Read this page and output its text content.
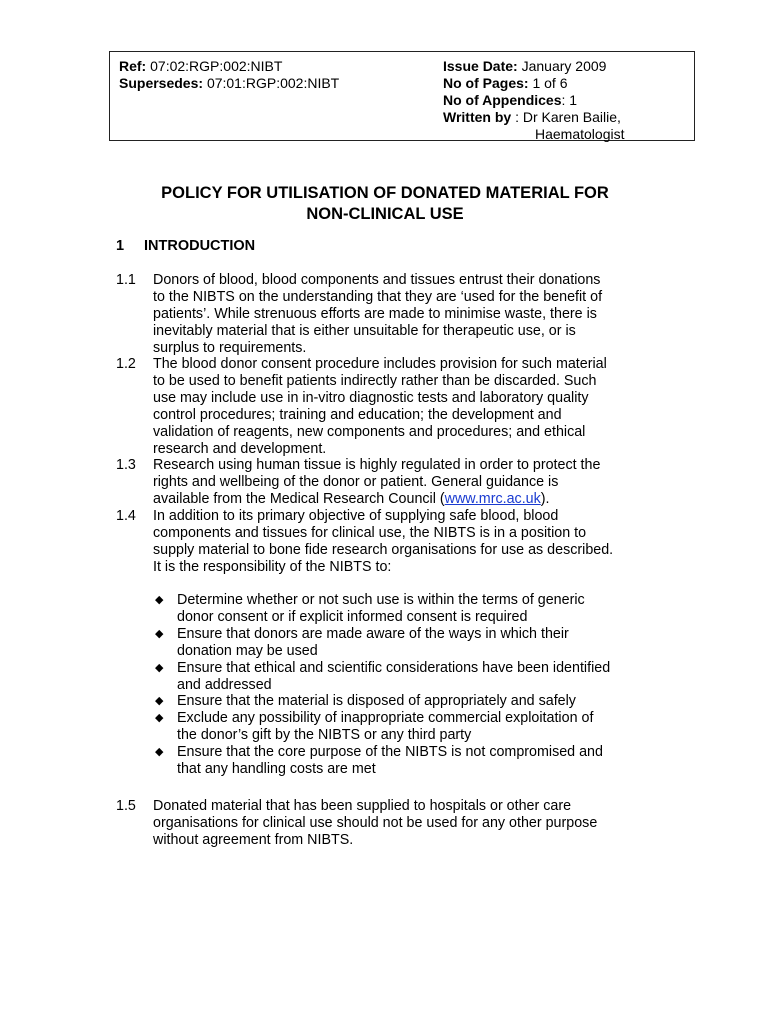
Ref: 07:02:RGP:002:NIBT
Supersedes: 07:01:RGP:002:NIBT
Issue Date: January 2009
No of Pages: 1 of 6
No of Appendices: 1
Written by : Dr Karen Bailie,
Haematologist
POLICY FOR UTILISATION OF DONATED MATERIAL FOR
NON-CLINICAL USE
1 INTRODUCTION
1.1 Donors of blood, blood components and tissues entrust their donations
to the NIBTS on the understanding that they are ‘used for the benefit of
patients’. While strenuous efforts are made to minimise waste, there is
inevitably material that is either unsuitable for therapeutic use, or is
surplus to requirements.
1.2 The blood donor consent procedure includes provision for such material
to be used to benefit patients indirectly rather than be discarded. Such
use may include use in in-vitro diagnostic tests and laboratory quality
control procedures; training and education; the development and
validation of reagents, new components and procedures; and ethical
research and development.
1.3 Research using human tissue is highly regulated in order to protect the
rights and wellbeing of the donor or patient. General guidance is
available from the Medical Research Council (www.mrc.ac.uk).
1.4 In addition to its primary objective of supplying safe blood, blood
components and tissues for clinical use, the NIBTS is in a position to
supply material to bone fide research organisations for use as described.
It is the responsibility of the NIBTS to:
◆ Determine whether or not such use is within the terms of generic
donor consent or if explicit informed consent is required
◆ Ensure that donors are made aware of the ways in which their
donation may be used
◆ Ensure that ethical and scientific considerations have been identified
and addressed
◆ Ensure that the material is disposed of appropriately and safely
◆ Exclude any possibility of inappropriate commercial exploitation of
the donor’s gift by the NIBTS or any third party
◆ Ensure that the core purpose of the NIBTS is not compromised and
that any handling costs are met
1.5 Donated material that has been supplied to hospitals or other care
organisations for clinical use should not be used for any other purpose
without agreement from NIBTS.
